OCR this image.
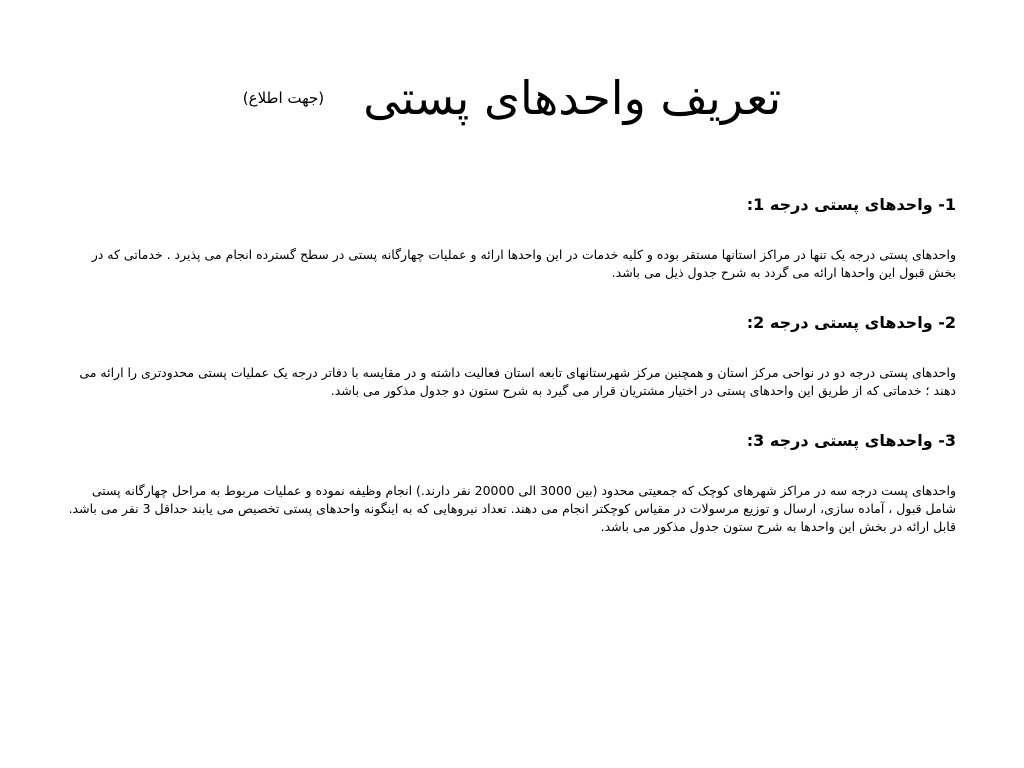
تعریف واحدهای پستی (جهت اطلاع)

1- واحدهای پستی درجه 1:

واحدهای پستی درجه یک تنها در مراکز استانها مستقر بوده و کلیه خدمات در این واحدها ارائه و عملیات چهارگانه پستی در سطح گسترده انجام می پذیرد . خدماتی که در بخش قبول این واحدها ارائه می گردد به شرح جدول ذیل می باشد.

2- واحدهای پستی درجه 2:

واحدهای پستی درجه دو در نواحی مرکز استان و همچنین مرکز شهرستانهای تابعه استان فعالیت داشته و در مقایسه با دفاتر درجه یک عملیات پستی محدودتری را ارائه می دهند ؛ خدماتی که از طریق این واحدهای پستی در اختیار مشتریان قرار می گیرد به شرح ستون دو جدول مذکور می باشد.

3- واحدهای پستی درجه 3:

واحدهای پست درجه سه در مراکز شهرهای کوچک که جمعیتی محدود (بین 3000 الی 20000 نفر دارند.) انجام وظیفه نموده و عملیات مربوط به مراحل چهارگانه پستی شامل قبول ، آماده سازی، ارسال و توزیع مرسولات در مقیاس کوچکتر انجام می دهند. تعداد نیروهایی که به اینگونه واحدهای پستی تخصیص می یابند حداقل 3 نفر می باشد. قابل ارائه در بخش این واحدها به شرح ستون جدول مذکور می باشد.
